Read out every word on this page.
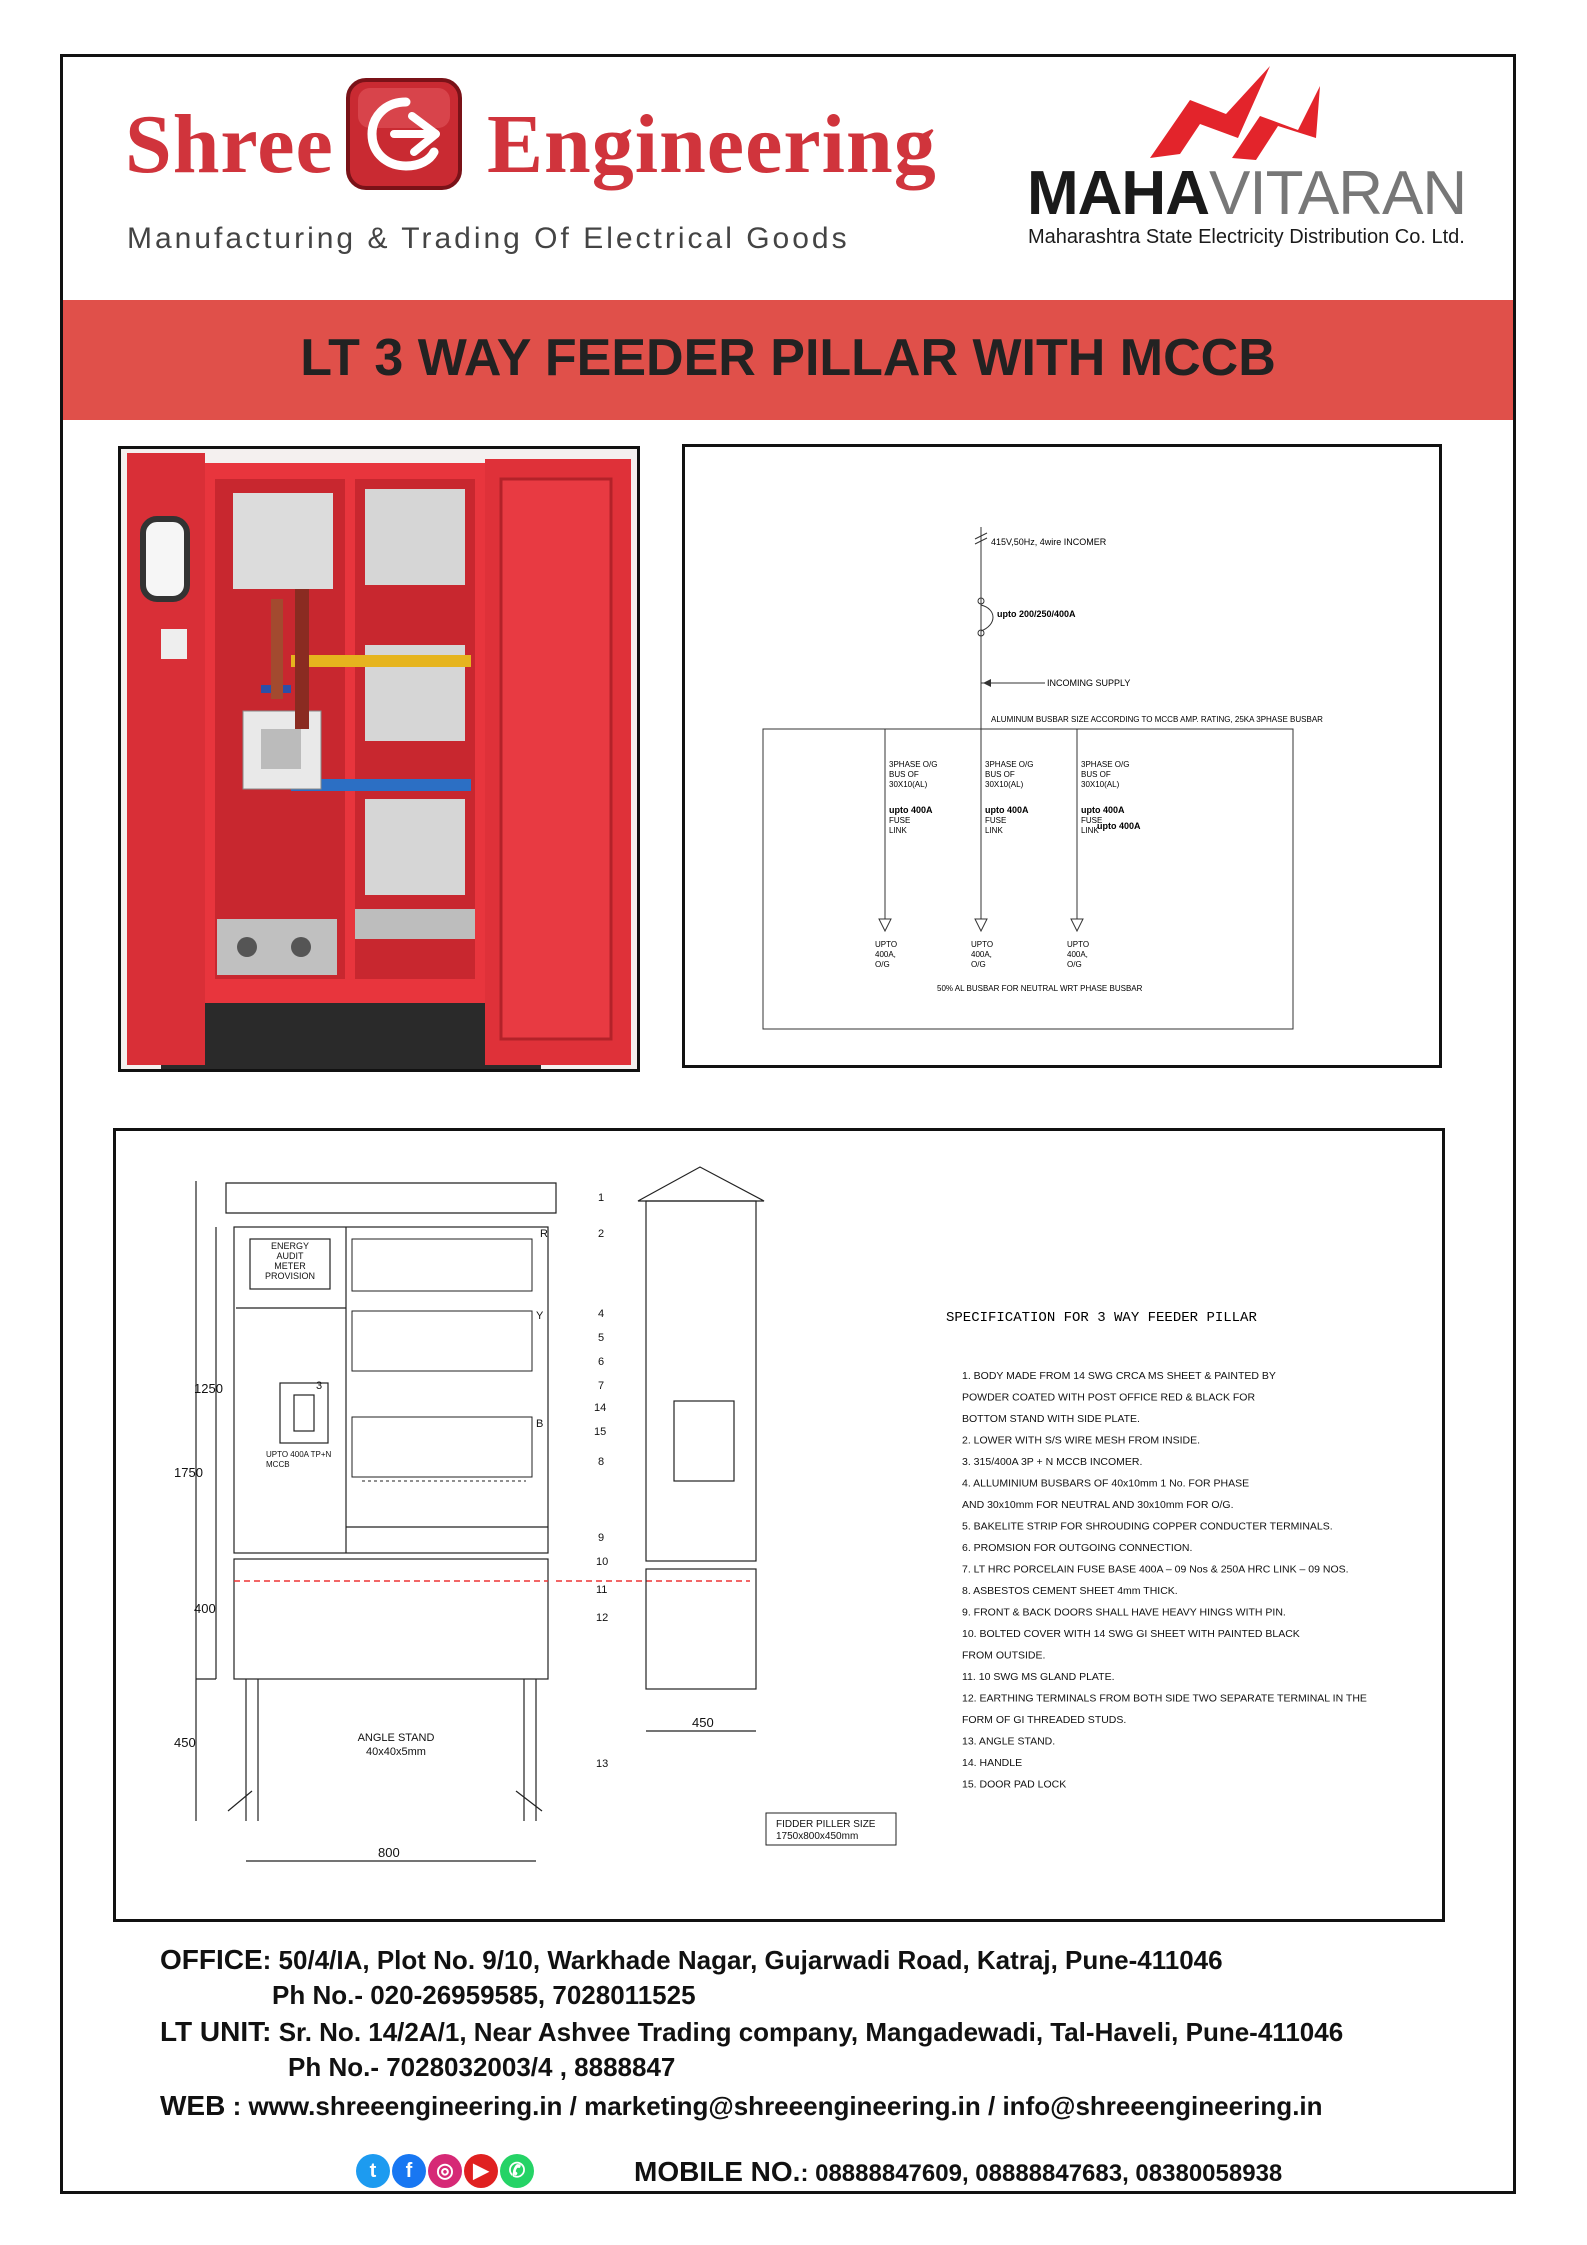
Shree Engineering
Manufacturing & Trading Of Electrical Goods
MAHAVITARAN
Maharashtra State Electricity Distribution Co. Ltd.
LT 3 WAY FEEDER PILLAR WITH MCCB
415V,50Hz, 4wire INCOMER
upto 200/250/400A
INCOMING SUPPLY
ALUMINUM BUSBAR SIZE ACCORDING TO MCCB AMP. RATING, 25KA 3PHASE BUSBAR
3PHASE O/G
BUS OF
30X10(AL)
upto 400A
FUSE
LINK
UPTO
400A,
O/G
3PHASE O/G
BUS OF
30X10(AL)
upto 400A
FUSE
LINK
UPTO
400A,
O/G
3PHASE O/G
BUS OF
30X10(AL)
upto 400A
FUSE
LINK
upto 400A
UPTO
400A,
O/G
50% AL BUSBAR FOR NEUTRAL WRT PHASE BUSBAR
1750
1250
400
450
800
450
ENERGY
AUDIT
METER
PROVISION
UPTO 400A TP+N
MCCB
R
Y
B
ANGLE STAND
40x40x5mm
1
2
3
4
5
6
7
8
9
10
11
12
13
14
15
FIDDER PILLER SIZE
1750x800x450mm
SPECIFICATION FOR 3 WAY FEEDER PILLAR
1. BODY MADE FROM 14 SWG CRCA MS SHEET & PAINTED BY
POWDER COATED WITH POST OFFICE RED & BLACK FOR
BOTTOM STAND WITH SIDE PLATE.
2. LOWER WITH S/S WIRE MESH FROM INSIDE.
3. 315/400A 3P + N MCCB INCOMER.
4. ALLUMINIUM BUSBARS OF 40x10mm 1 No. FOR PHASE
AND 30x10mm FOR NEUTRAL AND 30x10mm FOR O/G.
5. BAKELITE STRIP FOR SHROUDING COPPER CONDUCTER TERMINALS.
6. PROMSION FOR OUTGOING CONNECTION.
7. LT HRC PORCELAIN FUSE BASE 400A – 09 Nos & 250A HRC LINK – 09 NOS.
8. ASBESTOS CEMENT SHEET 4mm THICK.
9. FRONT & BACK DOORS SHALL HAVE HEAVY HINGS WITH PIN.
10. BOLTED COVER WITH 14 SWG GI SHEET WITH PAINTED BLACK
FROM OUTSIDE.
11. 10 SWG MS GLAND PLATE.
12. EARTHING TERMINALS FROM BOTH SIDE TWO SEPARATE TERMINAL IN THE
FORM OF GI THREADED STUDS.
13. ANGLE STAND.
14. HANDLE
15. DOOR PAD LOCK
OFFICE: 50/4/IA, Plot No. 9/10, Warkhade Nagar, Gujarwadi Road, Katraj, Pune-411046
Ph No.- 020-26959585, 7028011525
LT UNIT: Sr. No. 14/2A/1, Near Ashvee Trading company, Mangadewadi, Tal-Haveli, Pune-411046
Ph No.- 7028032003/4 , 8888847
WEB : www.shreeengineering.in / marketing@shreeengineering.in / info@shreeengineering.in
t	f	◎ ▶ ✆	MOBILE NO.: 08888847609, 08888847683, 08380058938
